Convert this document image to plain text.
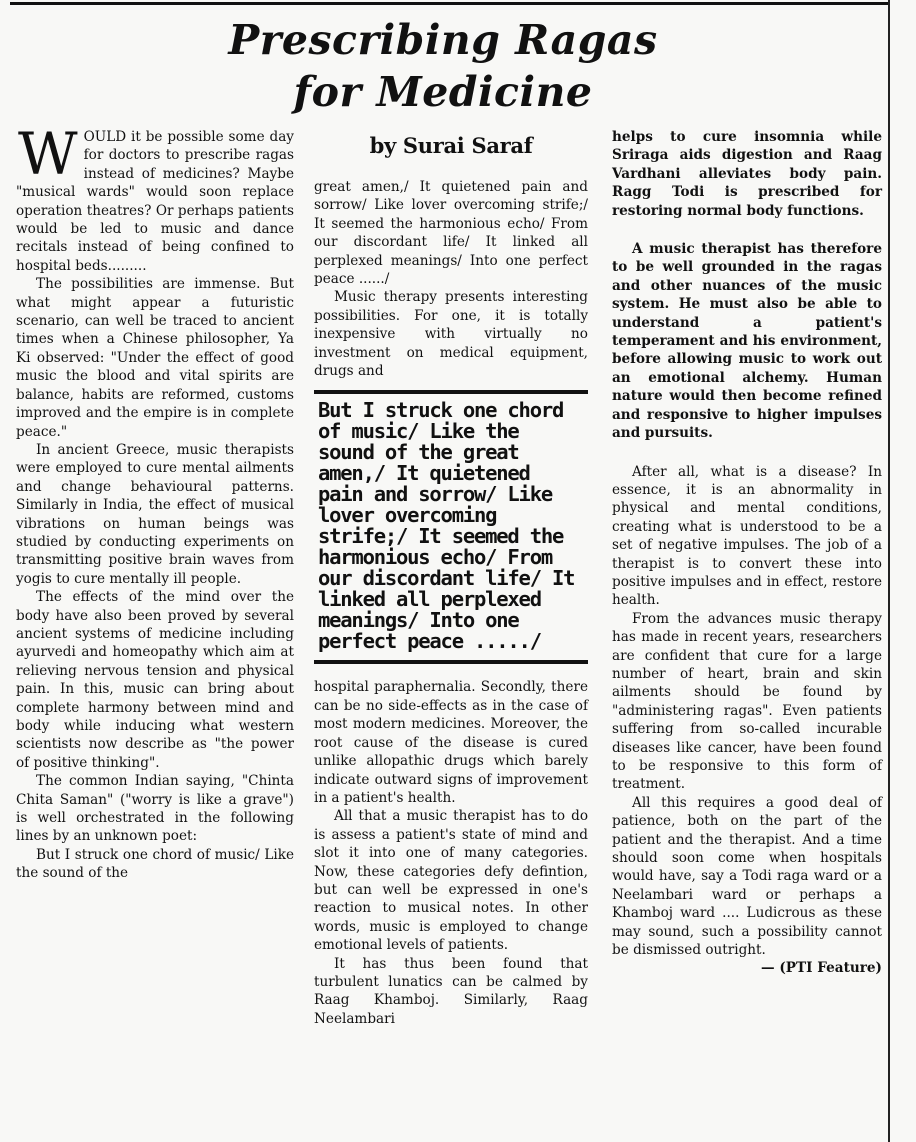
Prescribing Ragas
for Medicine

WOULD it be possible some day for doctors to prescribe ragas instead of medicines? Maybe "musical wards" would soon replace operation theatres? Or perhaps patients would be led to music and dance recitals instead of being confined to hospital beds.........

The possibilities are immense. But what might appear a futuristic scenario, can well be traced to ancient times when a Chinese philosopher, Ya Ki observed: "Under the effect of good music the blood and vital spirits are balance, habits are reformed, customs improved and the empire is in complete peace."

In ancient Greece, music therapists were employed to cure mental ailments and change behavioural patterns. Similarly in India, the effect of musical vibrations on human beings was studied by conducting experiments on transmitting positive brain waves from yogis to cure mentally ill people.

The effects of the mind over the body have also been proved by several ancient systems of medicine including ayurvedi and homeopathy which aim at relieving nervous tension and physical pain. In this, music can bring about complete harmony between mind and body while inducing what western scientists now describe as "the power of positive thinking".

The common Indian saying, "Chinta Chita Saman" ("worry is like a grave") is well orchestrated in the following lines by an unknown poet:

But I struck one chord of music/ Like the sound of the

by Surai Saraf

great amen,/ It quietened pain and sorrow/ Like lover overcoming strife;/ It seemed the harmonious echo/ From our discordant life/ It linked all perplexed meanings/ Into one perfect peace ....../

Music therapy presents interesting possibilities. For one, it is totally inexpensive with virtually no investment on medical equipment, drugs and

But I struck one chord of music/ Like the sound of the great amen,/ It quietened pain and sorrow/ Like lover overcoming strife;/ It seemed the harmonious echo/ From our discordant life/ It linked all perplexed meanings/ Into one perfect peace ...../

hospital paraphernalia. Secondly, there can be no side-effects as in the case of most modern medicines. Moreover, the root cause of the disease is cured unlike allopathic drugs which barely indicate outward signs of improvement in a patient's health.

All that a music therapist has to do is assess a patient's state of mind and slot it into one of many categories. Now, these categories defy defintion, but can well be expressed in one's reaction to musical notes. In other words, music is employed to change emotional levels of patients.

It has thus been found that turbulent lunatics can be calmed by Raag Khamboj. Similarly, Raag Neelambari

helps to cure insomnia while Sriraga aids digestion and Raag Vardhani alleviates body pain. Ragg Todi is prescribed for restoring normal body functions.

A music therapist has therefore to be well grounded in the ragas and other nuances of the music system. He must also be able to understand a patient's temperament and his environment, before allowing music to work out an emotional alchemy. Human nature would then become refined and responsive to higher impulses and pursuits.

After all, what is a disease? In essence, it is an abnormality in physical and mental conditions, creating what is understood to be a set of negative impulses. The job of a therapist is to convert these into positive impulses and in effect, restore health.

From the advances music therapy has made in recent years, researchers are confident that cure for a large number of heart, brain and skin ailments should be found by "administering ragas". Even patients suffering from so-called incurable diseases like cancer, have been found to be responsive to this form of treatment.

All this requires a good deal of patience, both on the part of the patient and the therapist. And a time should soon come when hospitals would have, say a Todi raga ward or a Neelambari ward or perhaps a Khamboj ward .... Ludicrous as these may sound, such a possibility cannot be dismissed outright.

— (PTI Feature)
